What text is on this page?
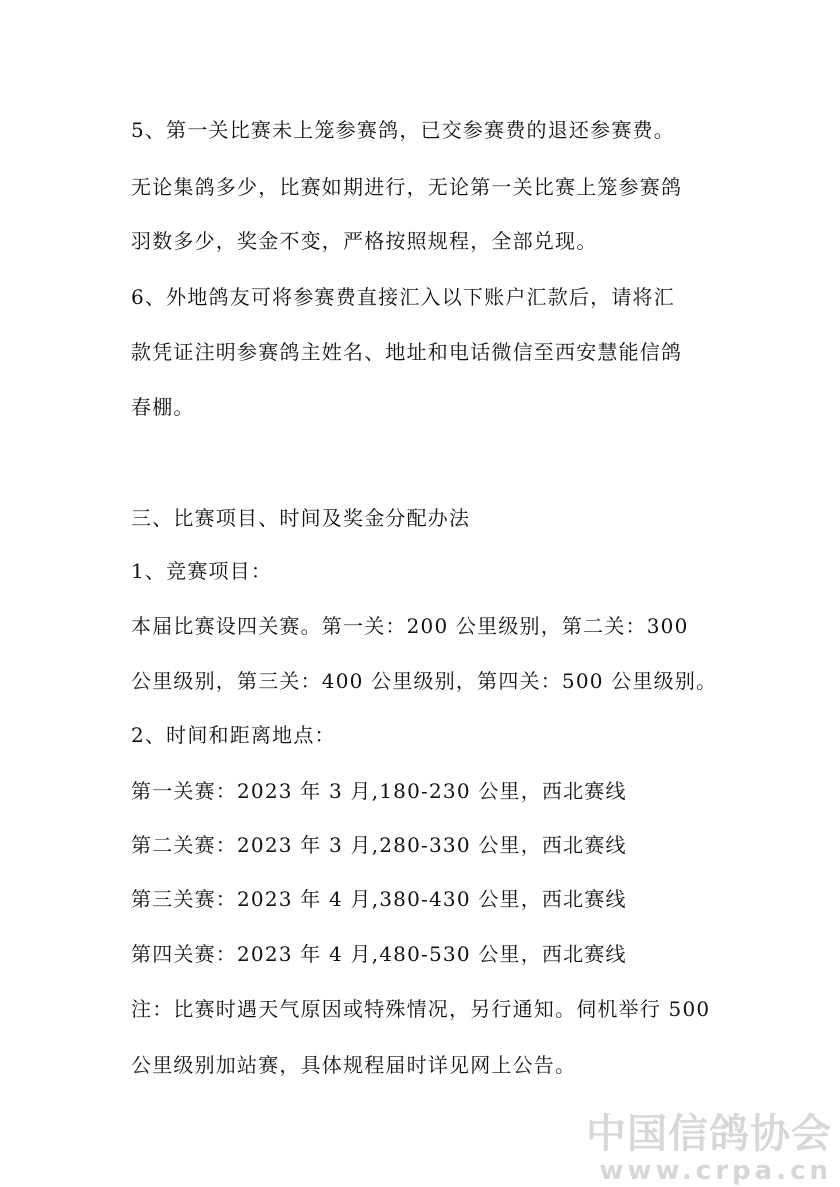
5、第一关比赛未上笼参赛鸽，已交参赛费的退还参赛费。
无论集鸽多少，比赛如期进行，无论第一关比赛上笼参赛鸽
羽数多少，奖金不变，严格按照规程，全部兑现。
6、外地鸽友可将参赛费直接汇入以下账户汇款后，请将汇
款凭证注明参赛鸽主姓名、地址和电话微信至西安慧能信鸽
春棚。
三、比赛项目、时间及奖金分配办法
1、竞赛项目：
本届比赛设四关赛。第一关：200 公里级别，第二关：300
公里级别，第三关：400 公里级别，第四关：500 公里级别。
2、时间和距离地点：
第一关赛：2023 年 3 月,180-230 公里，西北赛线
第二关赛：2023 年 3 月,280-330 公里，西北赛线
第三关赛：2023 年 4 月,380-430 公里，西北赛线
第四关赛：2023 年 4 月,480-530 公里，西北赛线
注：比赛时遇天气原因或特殊情况，另行通知。伺机举行 500
公里级别加站赛，具体规程届时详见网上公告。
中国信鸽协会
www.crpa.cn
